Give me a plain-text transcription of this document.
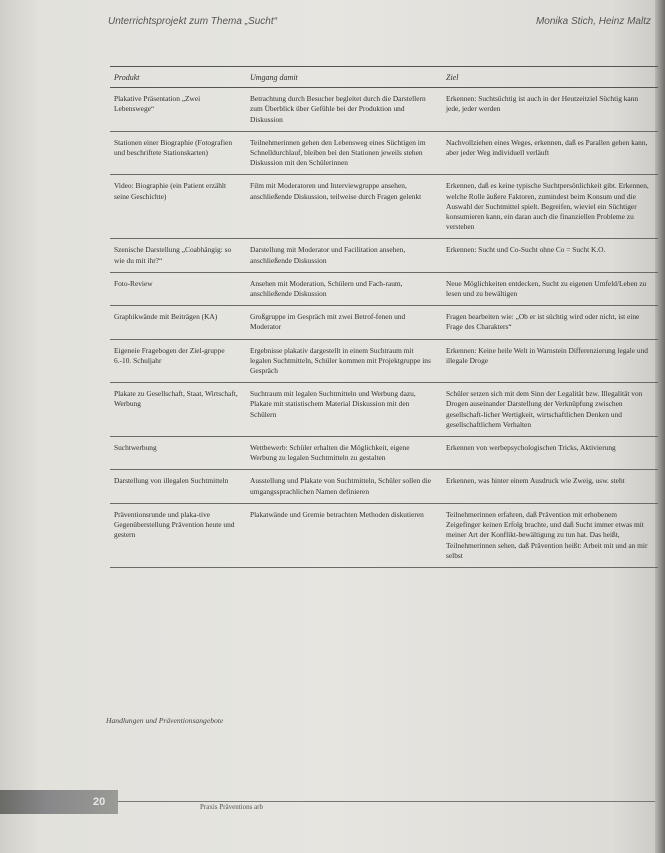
Unterrichtsprojekt zum Thema „Sucht“	Monika Stich, Heinz Maltz
Produkt	Umgang damit	Ziel
Plakative Präsentation „Zwei Lebenswege“	Betrachtung durch Besucher begleitet durch die Darstellern zum Überblick über Gefühle bei der Produktion und Diskussion	Erkennen: Suchtsüchtig ist auch in der Heutzeitziel Süchtig kann jede, jeder werden
Stationen einer Biographie (Fotografien und beschriftete Stationskarten)	Teilnehmerinnen gehen den Lebensweg eines Süchtigen im Schnelldurchlauf, bleiben bei den Stationen jeweils stehen Diskussion mit den Schülerinnen	Nachvollziehen eines Weges, erkennen, daß es Parallen gehen kann, aber jeder Weg individuell verläuft
Video: Biographie (ein Patient erzählt seine Geschichte)	Film mit Moderatoren und Interviewgruppe ansehen, anschließende Diskussion, teilweise durch Fragen gelenkt	Erkennen, daß es keine typische Suchtpersönlichkeit gibt. Erkennen, welche Rolle äußere Faktoren, zumindest beim Konsum und die Auswahl der Suchtmittel spielt. Begreifen, wieviel ein Süchtiger konsumieren kann, ein daran auch die finanziellen Probleme zu verstehen
Szenische Darstellung „Coabhängig: so wie du mit ihr?“	Darstellung mit Moderator und Facilitation ansehen, anschließende Diskussion	Erkennen: Sucht und Co-Sucht ohne Co = Sucht K.O.
Foto-Review	Ansehen mit Moderation, Schülern und Fach-raum, anschließende Diskussion	Neue Möglichkeiten entdecken, Sucht zu eigenen Umfeld/Leben zu lesen und zu bewältigen
Graphikwände mit Beiträgen (KA)	Großgruppe im Gespräch mit zwei Betrof-fenen und Moderator	Fragen bearbeiten wie: „Ob er ist süchtig wird oder nicht, ist eine Frage des Charakters“
Eigeneie Fragebogen der Ziel-gruppe 6.-10. Schuljahr	Ergebnisse plakativ dargestellt in einem Suchtraum mit legalen Suchtmitteln, Schüler kommen mit Projektgruppe ins Gespräch	Erkennen: Keine heile Welt in Warnstein Differenzierung legale und illegale Droge
Plakate zu Gesellschaft, Staat, Wirtschaft, Werbung	Suchtraum mit legalen Suchtmitteln und Werbung dazu, Plakate mit statistischem Material Diskussion mit den Schülern	Schüler setzen sich mit dem Sinn der Legalität bzw. Illegalität von Drogen auseinander Darstellung der Verknüpfung zwischen gesellschaft-licher Wertigkeit, wirtschaftlichen Denken und gesellschaftlichem Verhalten
Suchtwerbung	Wettbewerb: Schüler erhalten die Möglichkeit, eigene Werbung zu legalen Suchtmitteln zu gestalten	Erkennen von werbepsychologischen Tricks, Aktivierung
Darstellung von illegalen Suchtmitteln	Ausstellung und Plakate von Suchtmitteln, Schüler sollen die umgangssprachlichen Namen definieren	Erkennen, was hinter einem Ausdruck wie Zweig, usw. steht
Präventionsrunde und plaka-tive Gegenüberstellung Prävention heute und gestern	Plakatwände und Gremie betrachten Methoden diskutieren	Teilnehmerinnen erfahren, daß Prävention mit erhobenem Zeigefinger keinen Erfolg brachte, und daß Sucht immer etwas mit meiner Art der Konflikt-bewältigung zu tun hat. Das heißt, Teilnehmerinnen sehen, daß Prävention heißt: Arbeit mit und an mir selbst
Handlungen und Präventionsangebote
20	Praxis Präventions arb
